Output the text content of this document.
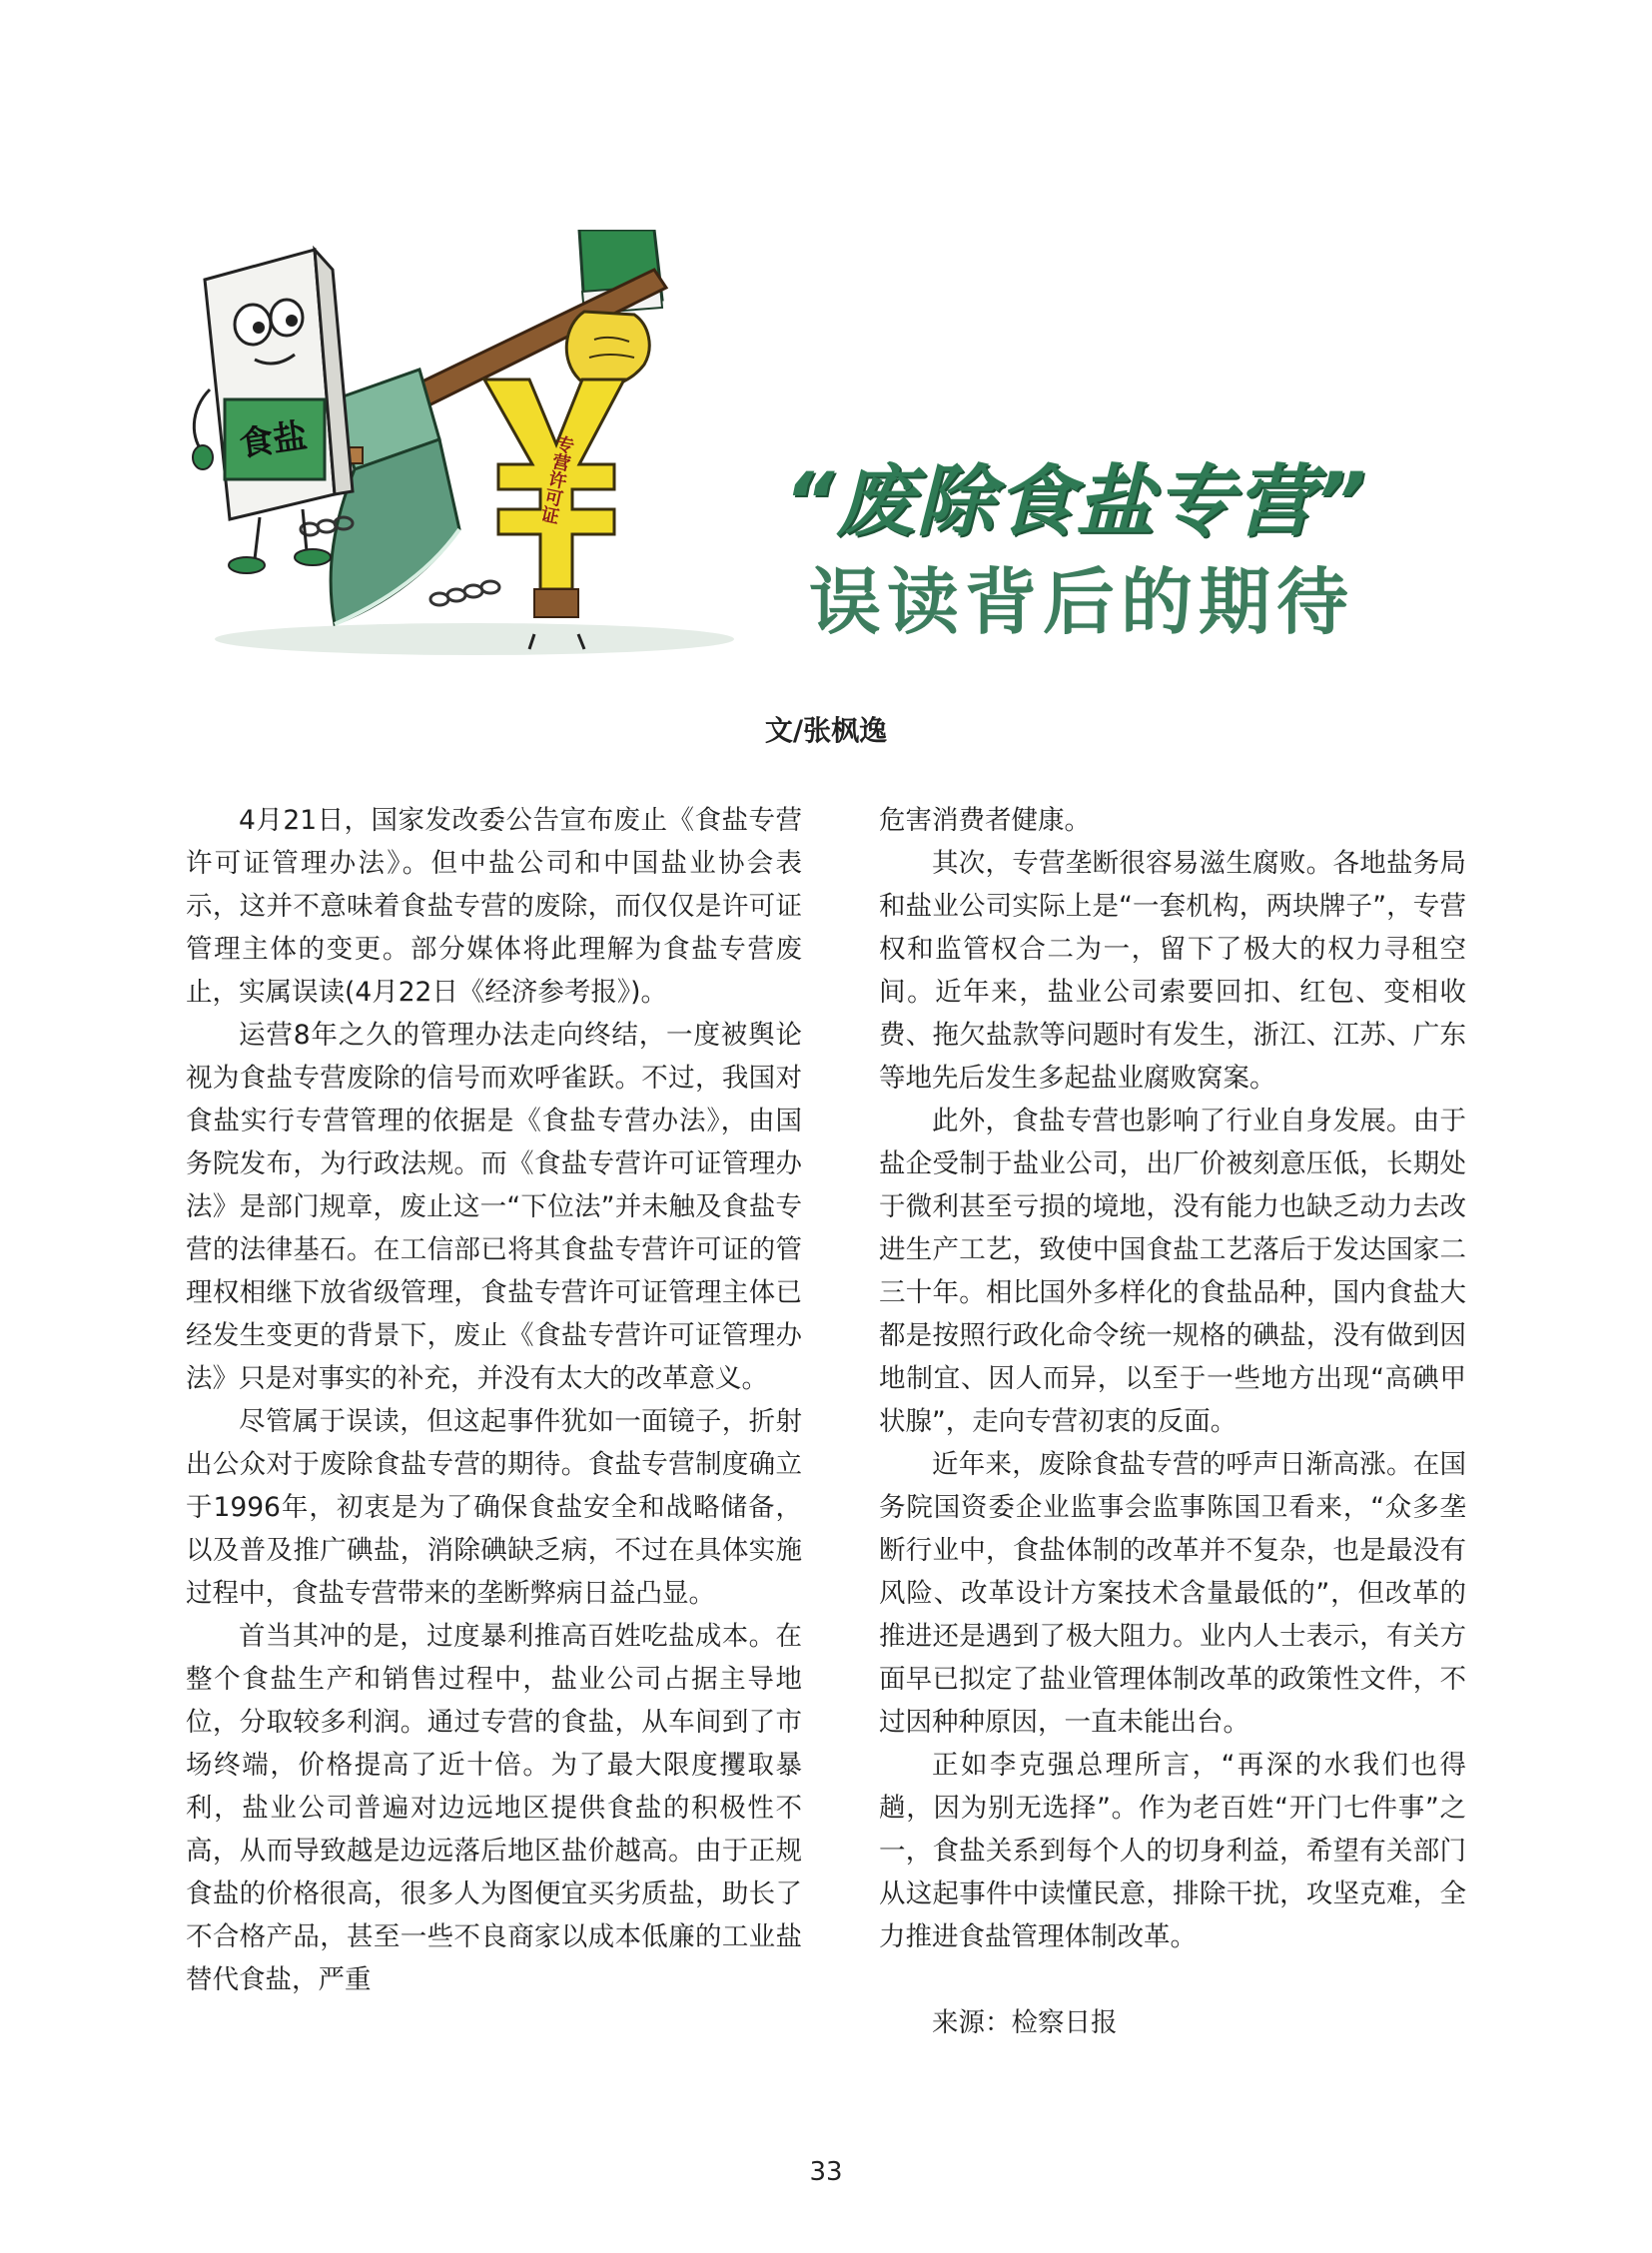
食盐	专营许可证	“废除食盐专营”
误读背后的期待
文/张枫逸

4月21日，国家发改委公告宣布废止《食盐专营许可证管理办法》。但中盐公司和中国盐业协会表示，这并不意味着食盐专营的废除，而仅仅是许可证管理主体的变更。部分媒体将此理解为食盐专营废止，实属误读(4月22日《经济参考报》)。

运营8年之久的管理办法走向终结，一度被舆论视为食盐专营废除的信号而欢呼雀跃。不过，我国对食盐实行专营管理的依据是《食盐专营办法》，由国务院发布，为行政法规。而《食盐专营许可证管理办法》是部门规章，废止这一“下位法”并未触及食盐专营的法律基石。在工信部已将其食盐专营许可证的管理权相继下放省级管理，食盐专营许可证管理主体已经发生变更的背景下，废止《食盐专营许可证管理办法》只是对事实的补充，并没有太大的改革意义。

尽管属于误读，但这起事件犹如一面镜子，折射出公众对于废除食盐专营的期待。食盐专营制度确立于1996年，初衷是为了确保食盐安全和战略储备，以及普及推广碘盐，消除碘缺乏病，不过在具体实施过程中，食盐专营带来的垄断弊病日益凸显。

首当其冲的是，过度暴利推高百姓吃盐成本。在整个食盐生产和销售过程中，盐业公司占据主导地位，分取较多利润。通过专营的食盐，从车间到了市场终端，价格提高了近十倍。为了最大限度攫取暴利，盐业公司普遍对边远地区提供食盐的积极性不高，从而导致越是边远落后地区盐价越高。由于正规食盐的价格很高，很多人为图便宜买劣质盐，助长了不合格产品，甚至一些不良商家以成本低廉的工业盐替代食盐，严重

危害消费者健康。

其次，专营垄断很容易滋生腐败。各地盐务局和盐业公司实际上是“一套机构，两块牌子”，专营权和监管权合二为一，留下了极大的权力寻租空间。近年来，盐业公司索要回扣、红包、变相收费、拖欠盐款等问题时有发生，浙江、江苏、广东等地先后发生多起盐业腐败窝案。

此外，食盐专营也影响了行业自身发展。由于盐企受制于盐业公司，出厂价被刻意压低，长期处于微利甚至亏损的境地，没有能力也缺乏动力去改进生产工艺，致使中国食盐工艺落后于发达国家二三十年。相比国外多样化的食盐品种，国内食盐大都是按照行政化命令统一规格的碘盐，没有做到因地制宜、因人而异，以至于一些地方出现“高碘甲状腺”，走向专营初衷的反面。

近年来，废除食盐专营的呼声日渐高涨。在国务院国资委企业监事会监事陈国卫看来，“众多垄断行业中，食盐体制的改革并不复杂，也是最没有风险、改革设计方案技术含量最低的”，但改革的推进还是遇到了极大阻力。业内人士表示，有关方面早已拟定了盐业管理体制改革的政策性文件，不过因种种原因，一直未能出台。

正如李克强总理所言，“再深的水我们也得趟，因为别无选择”。作为老百姓“开门七件事”之一，食盐关系到每个人的切身利益，希望有关部门从这起事件中读懂民意，排除干扰，攻坚克难，全力推进食盐管理体制改革。

来源：检察日报

33
